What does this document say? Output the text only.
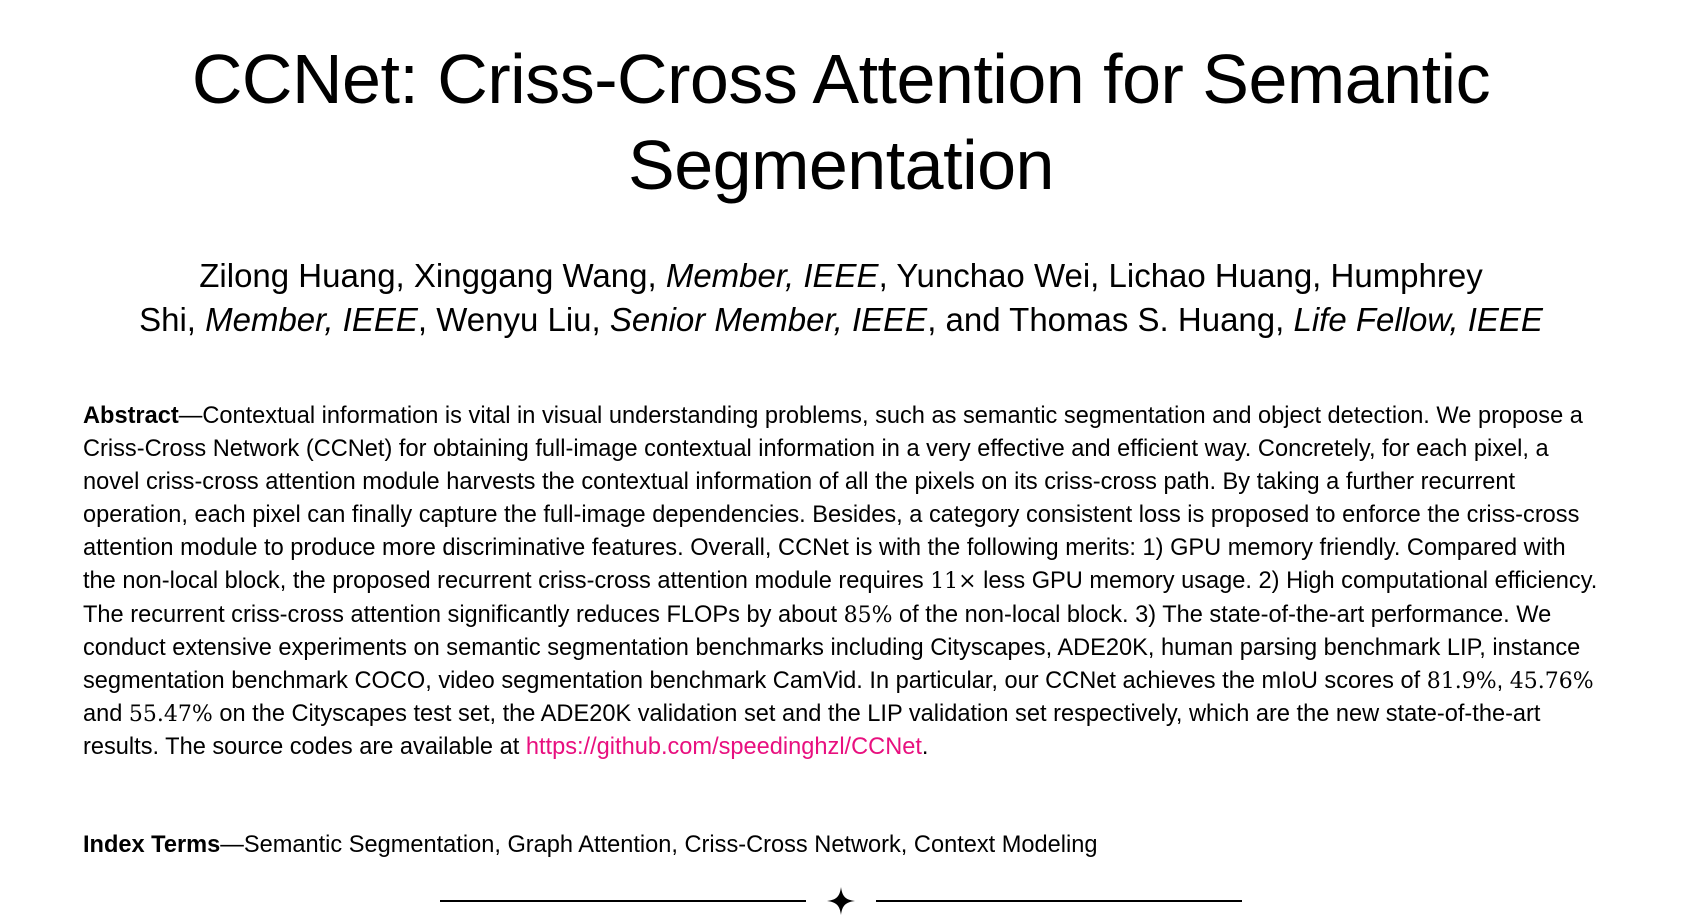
CCNet: Criss-Cross Attention for Semantic
Segmentation

Zilong Huang, Xinggang Wang, Member, IEEE, Yunchao Wei, Lichao Huang, Humphrey
Shi, Member, IEEE, Wenyu Liu, Senior Member, IEEE, and Thomas S. Huang, Life Fellow, IEEE

Abstract—Contextual information is vital in visual understanding problems, such as semantic segmentation and object detection. We propose a Criss-Cross Network (CCNet) for obtaining full-image contextual information in a very effective and efficient way. Concretely, for each pixel, a novel criss-cross attention module harvests the contextual information of all the pixels on its criss-cross path. By taking a further recurrent operation, each pixel can finally capture the full-image dependencies. Besides, a category consistent loss is proposed to enforce the criss-cross attention module to produce more discriminative features. Overall, CCNet is with the following merits: 1) GPU memory friendly. Compared with the non-local block, the proposed recurrent criss-cross attention module requires 11× less GPU memory usage. 2) High computational efficiency. The recurrent criss-cross attention significantly reduces FLOPs by about 85% of the non-local block. 3) The state-of-the-art performance. We conduct extensive experiments on semantic segmentation benchmarks including Cityscapes, ADE20K, human parsing benchmark LIP, instance segmentation benchmark COCO, video segmentation benchmark CamVid. In particular, our CCNet achieves the mIoU scores of 81.9%, 45.76% and 55.47% on the Cityscapes test set, the ADE20K validation set and the LIP validation set respectively, which are the new state-of-the-art results. The source codes are available at https://github.com/speedinghzl/CCNet.

Index Terms—Semantic Segmentation, Graph Attention, Criss-Cross Network, Context Modeling
